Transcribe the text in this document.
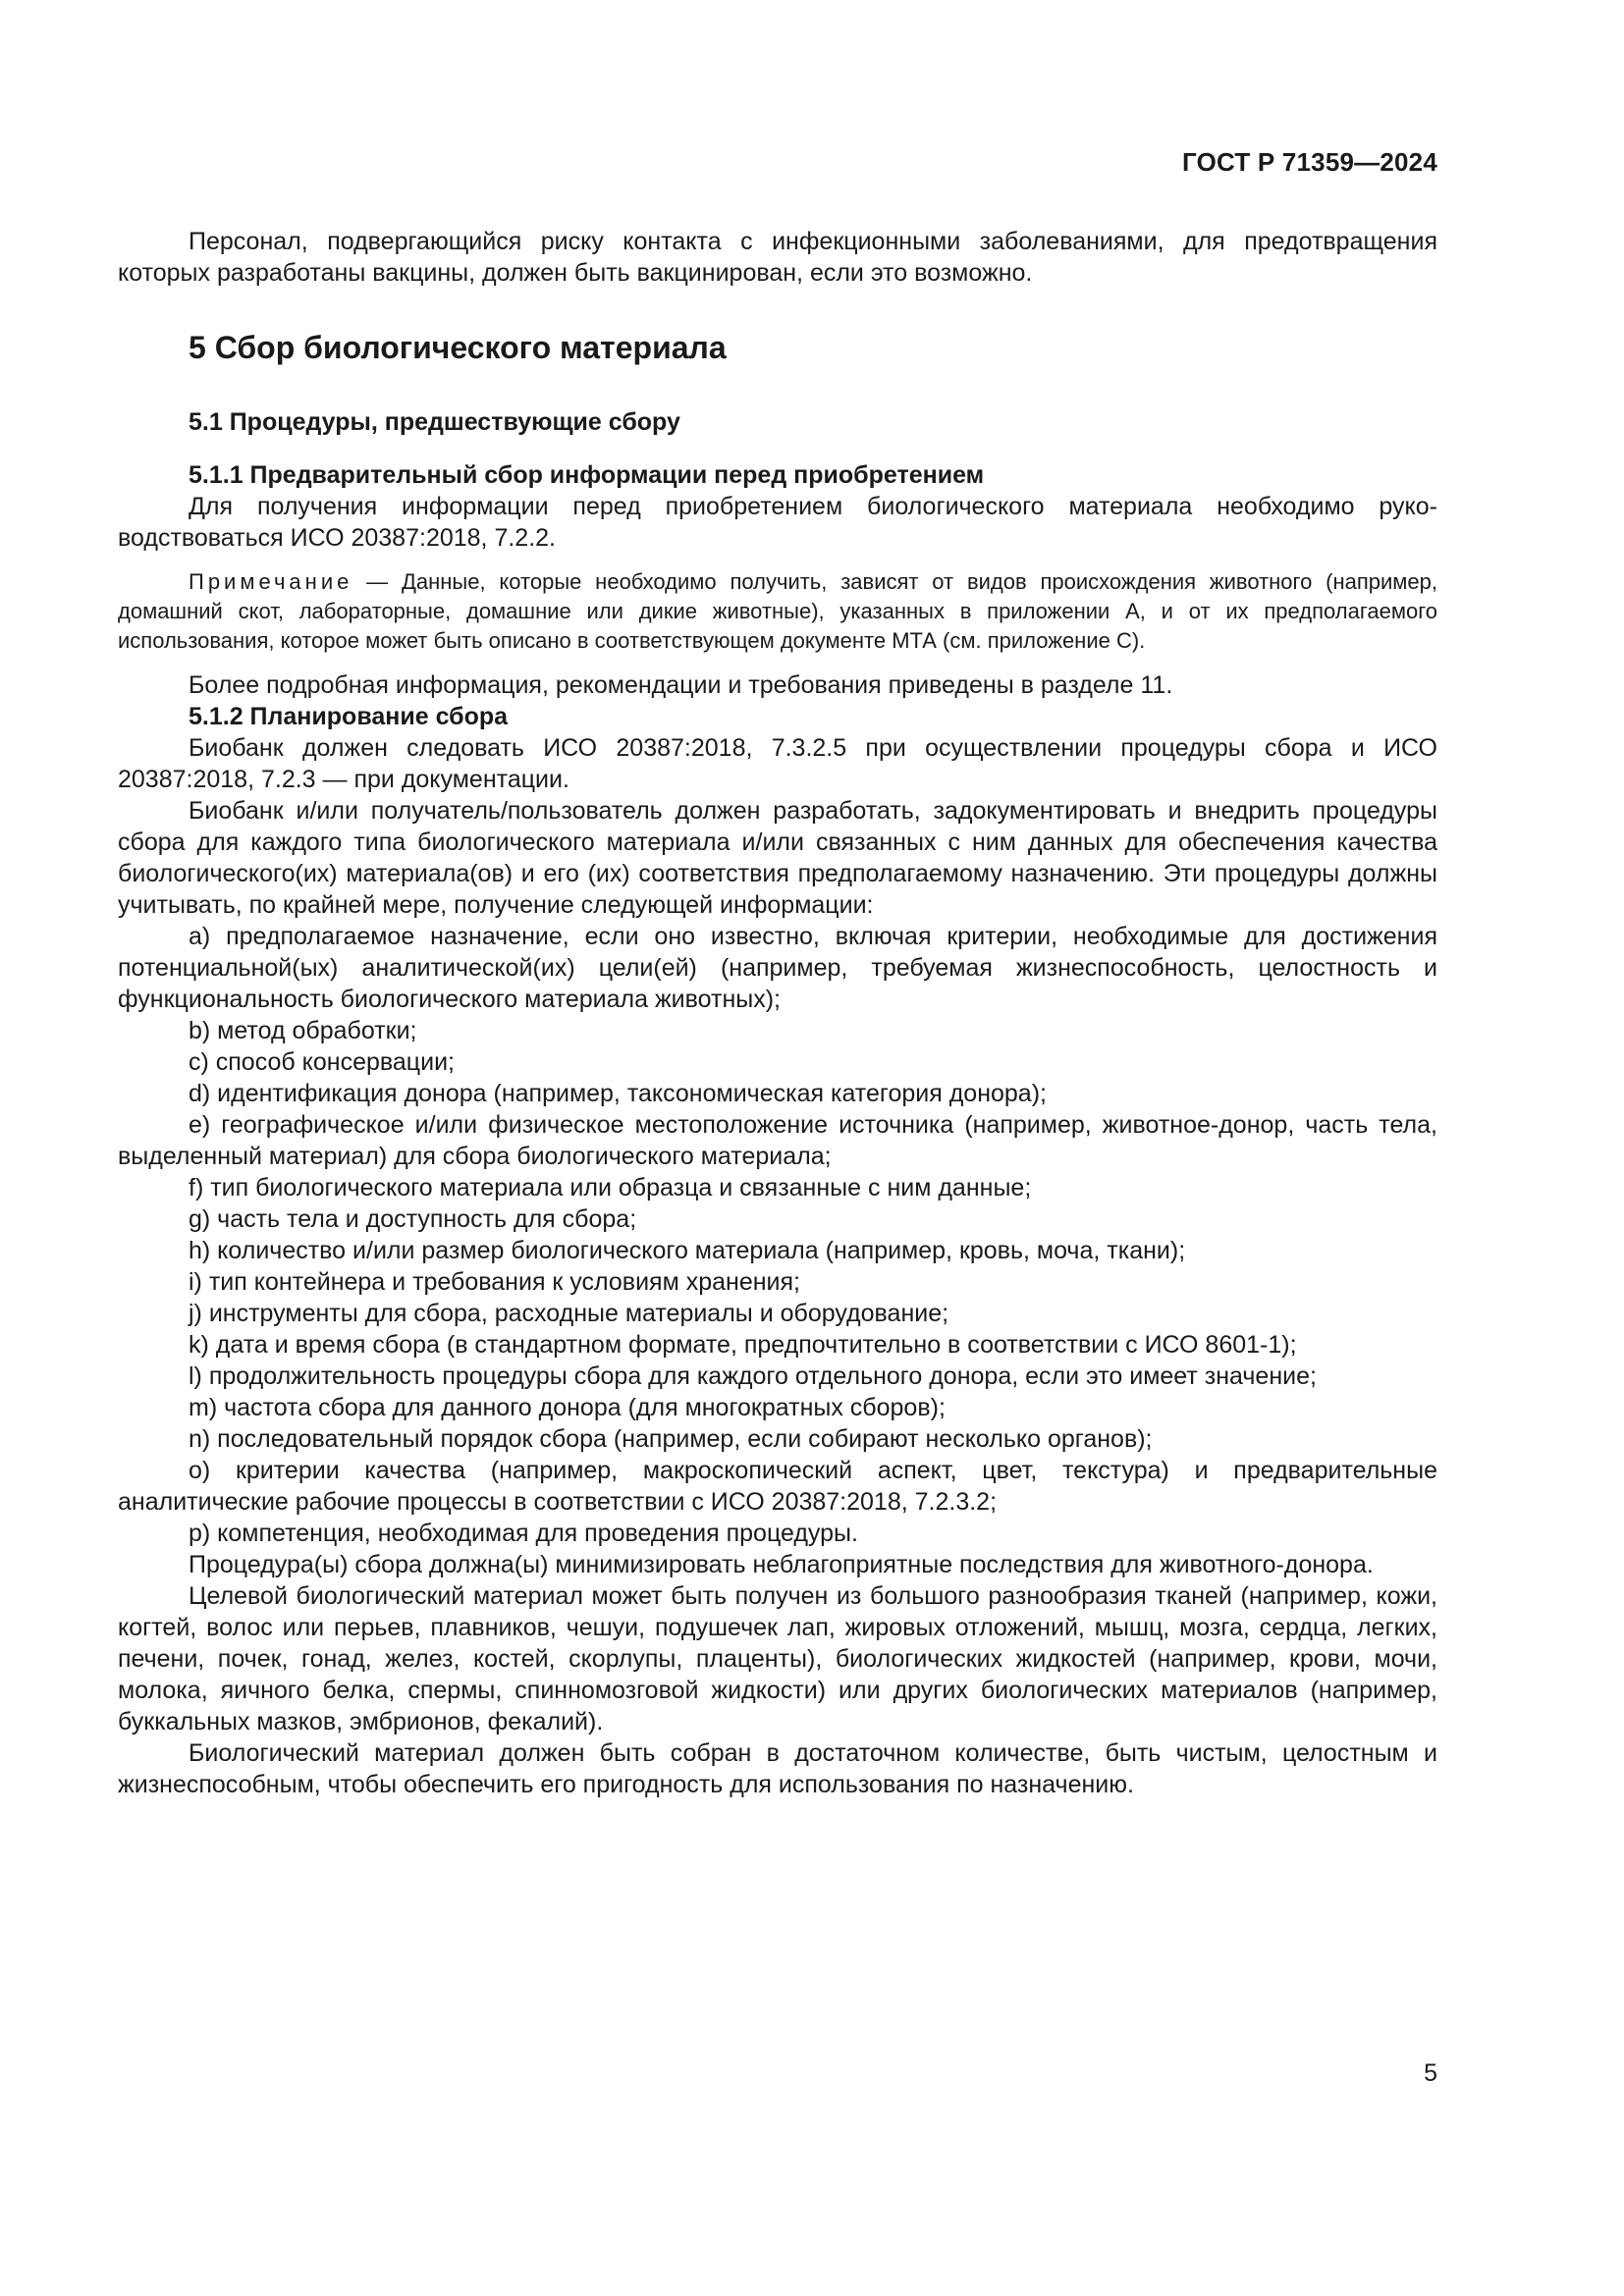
ГОСТ Р 71359—2024

Персонал, подвергающийся риску контакта с инфекционными заболеваниями, для предотвращения которых разработаны вакцины, должен быть вакцинирован, если это возможно.

5 Сбор биологического материала
5.1 Процедуры, предшествующие сбору
5.1.1 Предварительный сбор информации перед приобретением

Для получения информации перед приобретением биологического материала необходимо руководствоваться ИСО 20387:2018, 7.2.2.

Примечание — Данные, которые необходимо получить, зависят от видов происхождения животного (например, домашний скот, лабораторные, домашние или дикие животные), указанных в приложении А, и от их предполагаемого использования, которое может быть описано в соответствующем документе МТА (см. приложение С).

Более подробная информация, рекомендации и требования приведены в разделе 11.

5.1.2 Планирование сбора

Биобанк должен следовать ИСО 20387:2018, 7.3.2.5 при осуществлении процедуры сбора и ИСО 20387:2018, 7.2.3 — при документации.

Биобанк и/или получатель/пользователь должен разработать, задокументировать и внедрить процедуры сбора для каждого типа биологического материала и/или связанных с ним данных для обеспечения качества биологического(их) материала(ов) и его (их) соответствия предполагаемому назначению. Эти процедуры должны учитывать, по крайней мере, получение следующей информации:

a) предполагаемое назначение, если оно известно, включая критерии, необходимые для достижения потенциальной(ых) аналитической(их) цели(ей) (например, требуемая жизнеспособность, целостность и функциональность биологического материала животных);

b) метод обработки;

c) способ консервации;

d) идентификация донора (например, таксономическая категория донора);

e) географическое и/или физическое местоположение источника (например, животное-донор, часть тела, выделенный материал) для сбора биологического материала;

f) тип биологического материала или образца и связанные с ним данные;

g) часть тела и доступность для сбора;

h) количество и/или размер биологического материала (например, кровь, моча, ткани);

i) тип контейнера и требования к условиям хранения;

j) инструменты для сбора, расходные материалы и оборудование;

k) дата и время сбора (в стандартном формате, предпочтительно в соответствии с ИСО 8601-1);

l) продолжительность процедуры сбора для каждого отдельного донора, если это имеет значение;

m) частота сбора для данного донора (для многократных сборов);

n) последовательный порядок сбора (например, если собирают несколько органов);

o) критерии качества (например, макроскопический аспект, цвет, текстура) и предварительные аналитические рабочие процессы в соответствии с ИСО 20387:2018, 7.2.3.2;

p) компетенция, необходимая для проведения процедуры.

Процедура(ы) сбора должна(ы) минимизировать неблагоприятные последствия для животного-донора.

Целевой биологический материал может быть получен из большого разнообразия тканей (например, кожи, когтей, волос или перьев, плавников, чешуи, подушечек лап, жировых отложений, мышц, мозга, сердца, легких, печени, почек, гонад, желез, костей, скорлупы, плаценты), биологических жидкостей (например, крови, мочи, молока, яичного белка, спермы, спинномозговой жидкости) или других биологических материалов (например, буккальных мазков, эмбрионов, фекалий).

Биологический материал должен быть собран в достаточном количестве, быть чистым, целостным и жизнеспособным, чтобы обеспечить его пригодность для использования по назначению.

5
